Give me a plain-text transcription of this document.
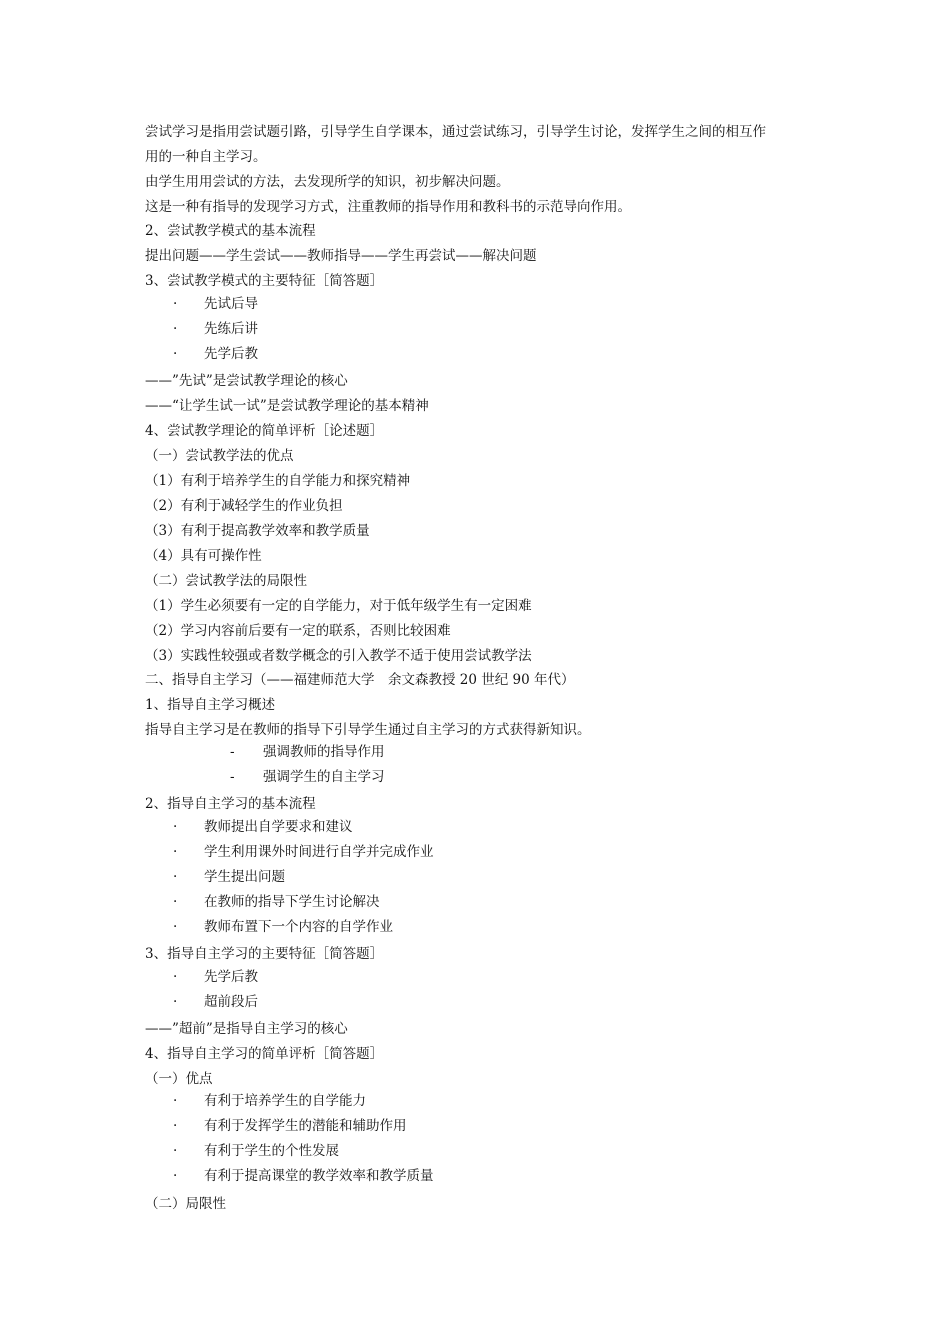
尝试学习是指用尝试题引路，引导学生自学课本，通过尝试练习，引导学生讨论，发挥学生之间的相互作
用的一种自主学习。
由学生用用尝试的方法，去发现所学的知识，初步解决问题。
这是一种有指导的发现学习方式，注重教师的指导作用和教科书的示范导向作用。
2、尝试教学模式的基本流程
提出问题——学生尝试——教师指导——学生再尝试——解决问题
3、尝试教学模式的主要特征［简答题］
· 先试后导
· 先练后讲
· 先学后教
——”先试”是尝试教学理论的核心
——“让学生试一试”是尝试教学理论的基本精神
4、尝试教学理论的简单评析［论述题］
（一）尝试教学法的优点
（1）有利于培养学生的自学能力和探究精神
（2）有利于减轻学生的作业负担
（3）有利于提高教学效率和教学质量
（4）具有可操作性
（二）尝试教学法的局限性
（1）学生必须要有一定的自学能力，对于低年级学生有一定困难
（2）学习内容前后要有一定的联系，否则比较困难
（3）实践性较强或者数学概念的引入教学不适于使用尝试教学法
二、指导自主学习（——福建师范大学　余文森教授 20 世纪 90 年代）
1、指导自主学习概述
指导自主学习是在教师的指导下引导学生通过自主学习的方式获得新知识。
- 强调教师的指导作用
- 强调学生的自主学习
2、指导自主学习的基本流程
· 教师提出自学要求和建议
· 学生利用课外时间进行自学并完成作业
· 学生提出问题
· 在教师的指导下学生讨论解决
· 教师布置下一个内容的自学作业
3、指导自主学习的主要特征［简答题］
· 先学后教
· 超前段后
——”超前”是指导自主学习的核心
4、指导自主学习的简单评析［简答题］
（一）优点
· 有利于培养学生的自学能力
· 有利于发挥学生的潜能和辅助作用
· 有利于学生的个性发展
· 有利于提高课堂的教学效率和教学质量
（二）局限性
